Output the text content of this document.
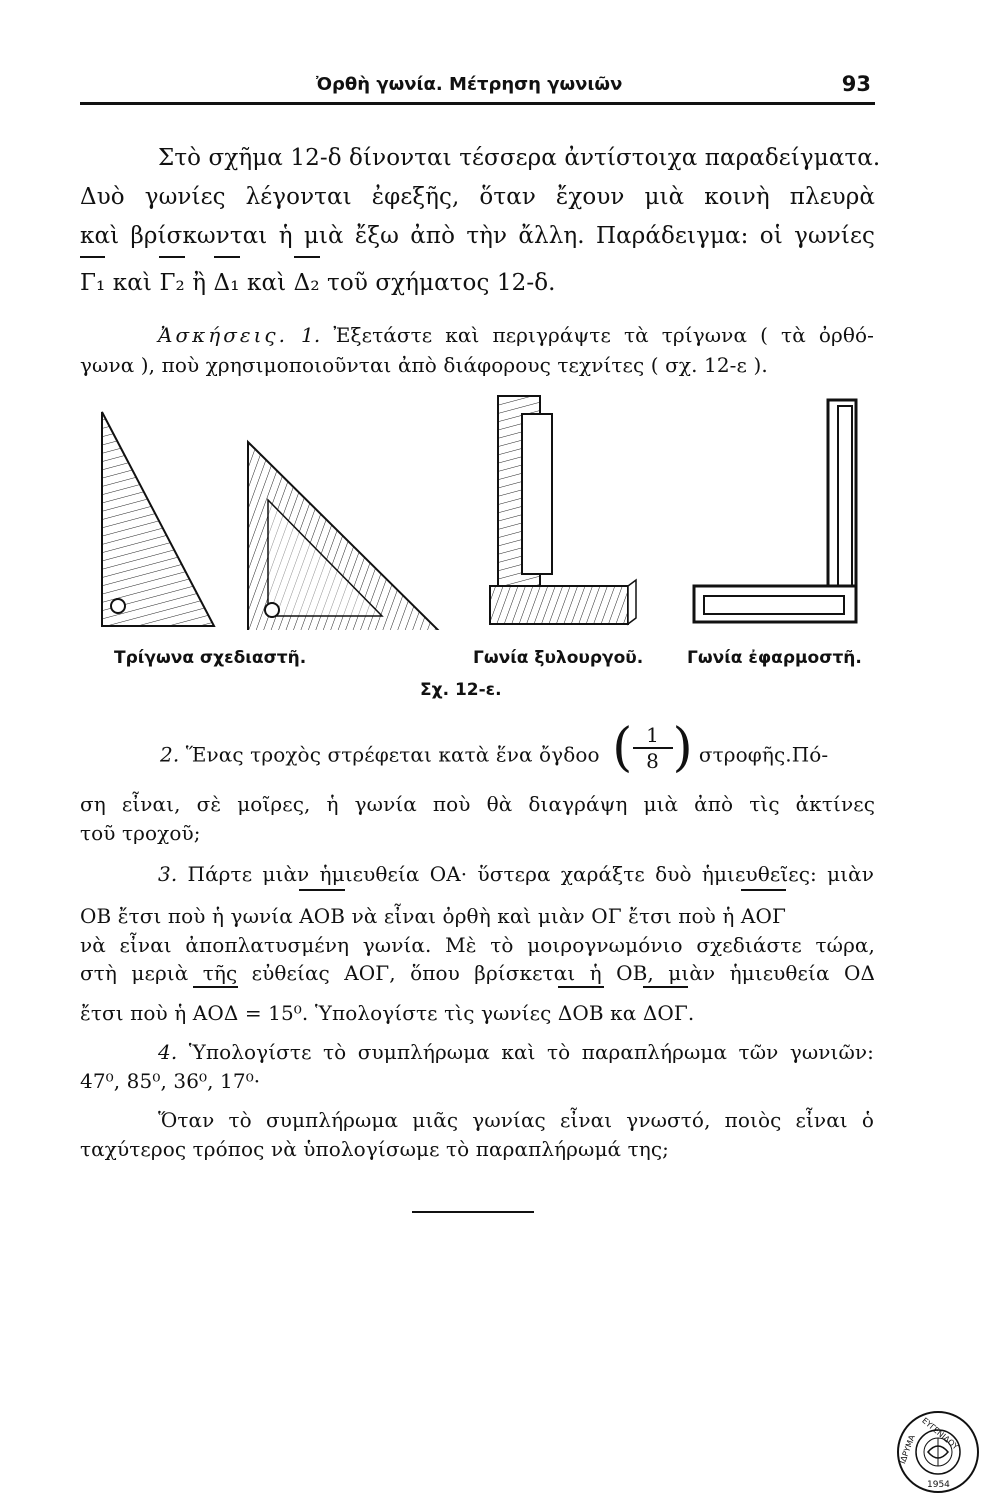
Ὀρθὴ γωνία. Μέτρηση γωνιῶν	93
Στὸ σχῆμα 12-δ δίνονται τέσσερα ἀντίστοιχα παραδείγματα.
Δυὸ γωνίες λέγονται ἐφεξῆς, ὅταν ἔχουν μιὰ κοινὴ πλευρὰ
καὶ βρίσκωνται ἡ μιὰ ἔξω ἀπὸ τὴν ἄλλη. Παράδειγμα: οἱ γωνίες
Γ₁ καὶ Γ₂ ἢ Δ₁ καὶ Δ₂ τοῦ σχήματος 12-δ.
Ἀσκήσεις. 1. Ἐξετάστε καὶ περιγράψτε τὰ τρίγωνα ( τὰ ὀρθό-
γωνα ), ποὺ χρησιμοποιοῦνται ἀπὸ διάφορους τεχνίτες ( σχ. 12-ε ).
Τρίγωνα σχεδιαστῆ.	Γωνία ξυλουργοῦ.	Γωνία ἐφαρμοστῆ.
Σχ. 12-ε.
2. Ἕνας τροχὸς στρέφεται κατὰ ἕνα ὄγδοο ( $\frac{1}{8}$ ) στροφῆς.Πό-
ση εἶναι, σὲ μοῖρες, ἡ γωνία ποὺ θὰ διαγράψη μιὰ ἀπὸ τὶς ἀκτίνες
τοῦ τροχοῦ;
3. Πάρτε μιὰν ἡμιευθεία ΟΑ· ὕστερα χαράξτε δυὸ ἡμιευθεῖες: μιὰν
ΟΒ ἔτσι ποὺ ἡ γωνία ΑΟΒ νὰ εἶναι ὀρθὴ καὶ μιὰν ΟΓ ἔτσι ποὺ ἡ ΑΟΓ
νὰ εἶναι ἀποπλατυσμένη γωνία. Μὲ τὸ μοιρογνωμόνιο σχεδιάστε τώρα,
στὴ μεριὰ τῆς εὐθείας ΑΟΓ, ὅπου βρίσκεται ἡ ΟΒ, μιὰν ἡμιευθεία ΟΔ
ἔτσι ποὺ ἡ ΑΟΔ = 15⁰. Ὑπολογίστε τὶς γωνίες ΔΟΒ κα ΔΟΓ.
4. Ὑπολογίστε τὸ συμπλήρωμα καὶ τὸ παραπλήρωμα τῶν γωνιῶν:
47⁰, 85⁰, 36⁰, 17⁰·
Ὅταν τὸ συμπλήρωμα μιᾶς γωνίας εἶναι γνωστό, ποιὸς εἶναι ὁ
ταχύτερος τρόπος νὰ ὑπολογίσωμε τὸ παραπλήρωμά της;
ΕΥΓΕΝΙΔΟΥ
ΙΔΡΥΜΑ
1954
